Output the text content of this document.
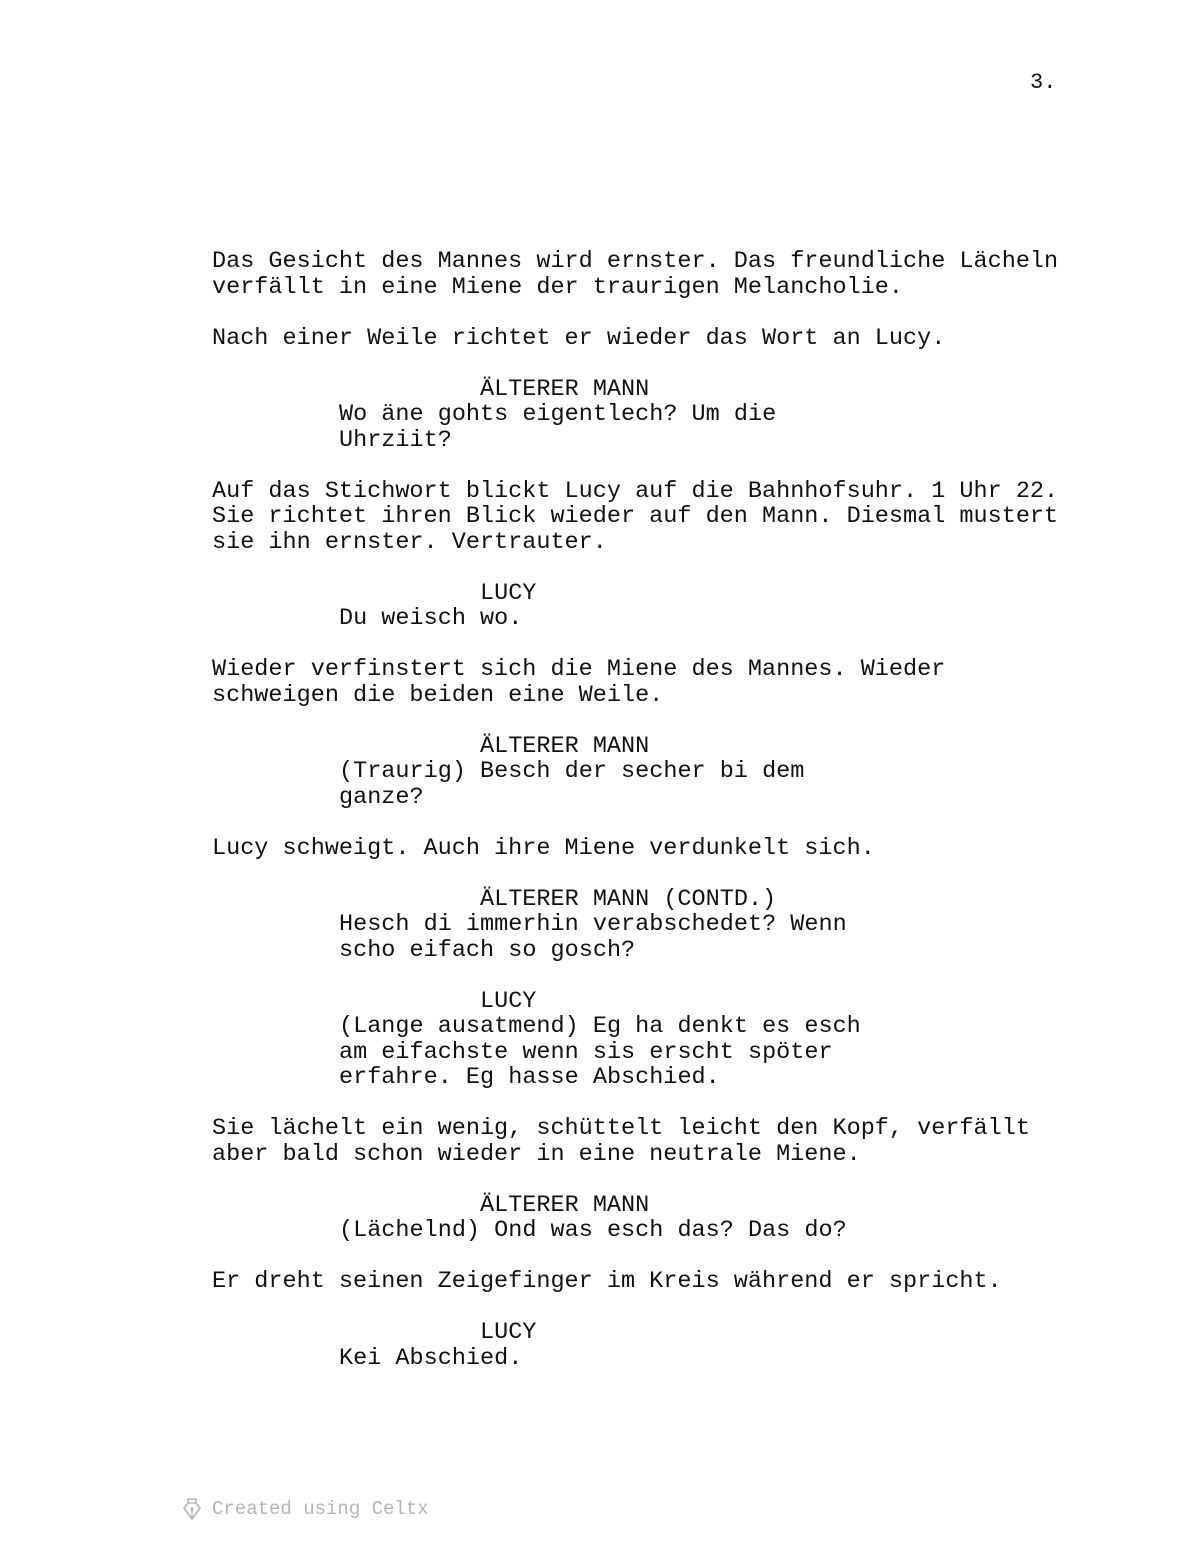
3.

Das Gesicht des Mannes wird ernster. Das freundliche Lächeln

verfällt in eine Miene der traurigen Melancholie.

Nach einer Weile richtet er wieder das Wort an Lucy.

ÄLTERER MANN

Wo äne gohts eigentlech? Um die

Uhrziit?

Auf das Stichwort blickt Lucy auf die Bahnhofsuhr. 1 Uhr 22.

Sie richtet ihren Blick wieder auf den Mann. Diesmal mustert

sie ihn ernster. Vertrauter.

LUCY

Du weisch wo.

Wieder verfinstert sich die Miene des Mannes. Wieder

schweigen die beiden eine Weile.

ÄLTERER MANN

(Traurig) Besch der secher bi dem

ganze?

Lucy schweigt. Auch ihre Miene verdunkelt sich.

ÄLTERER MANN (CONTD.)

Hesch di immerhin verabschedet? Wenn

scho eifach so gosch?

LUCY

(Lange ausatmend) Eg ha denkt es esch

am eifachste wenn sis erscht spöter

erfahre. Eg hasse Abschied.

Sie lächelt ein wenig, schüttelt leicht den Kopf, verfällt

aber bald schon wieder in eine neutrale Miene.

ÄLTERER MANN

(Lächelnd) Ond was esch das? Das do?

Er dreht seinen Zeigefinger im Kreis während er spricht.

LUCY

Kei Abschied.

Created using Celtx
